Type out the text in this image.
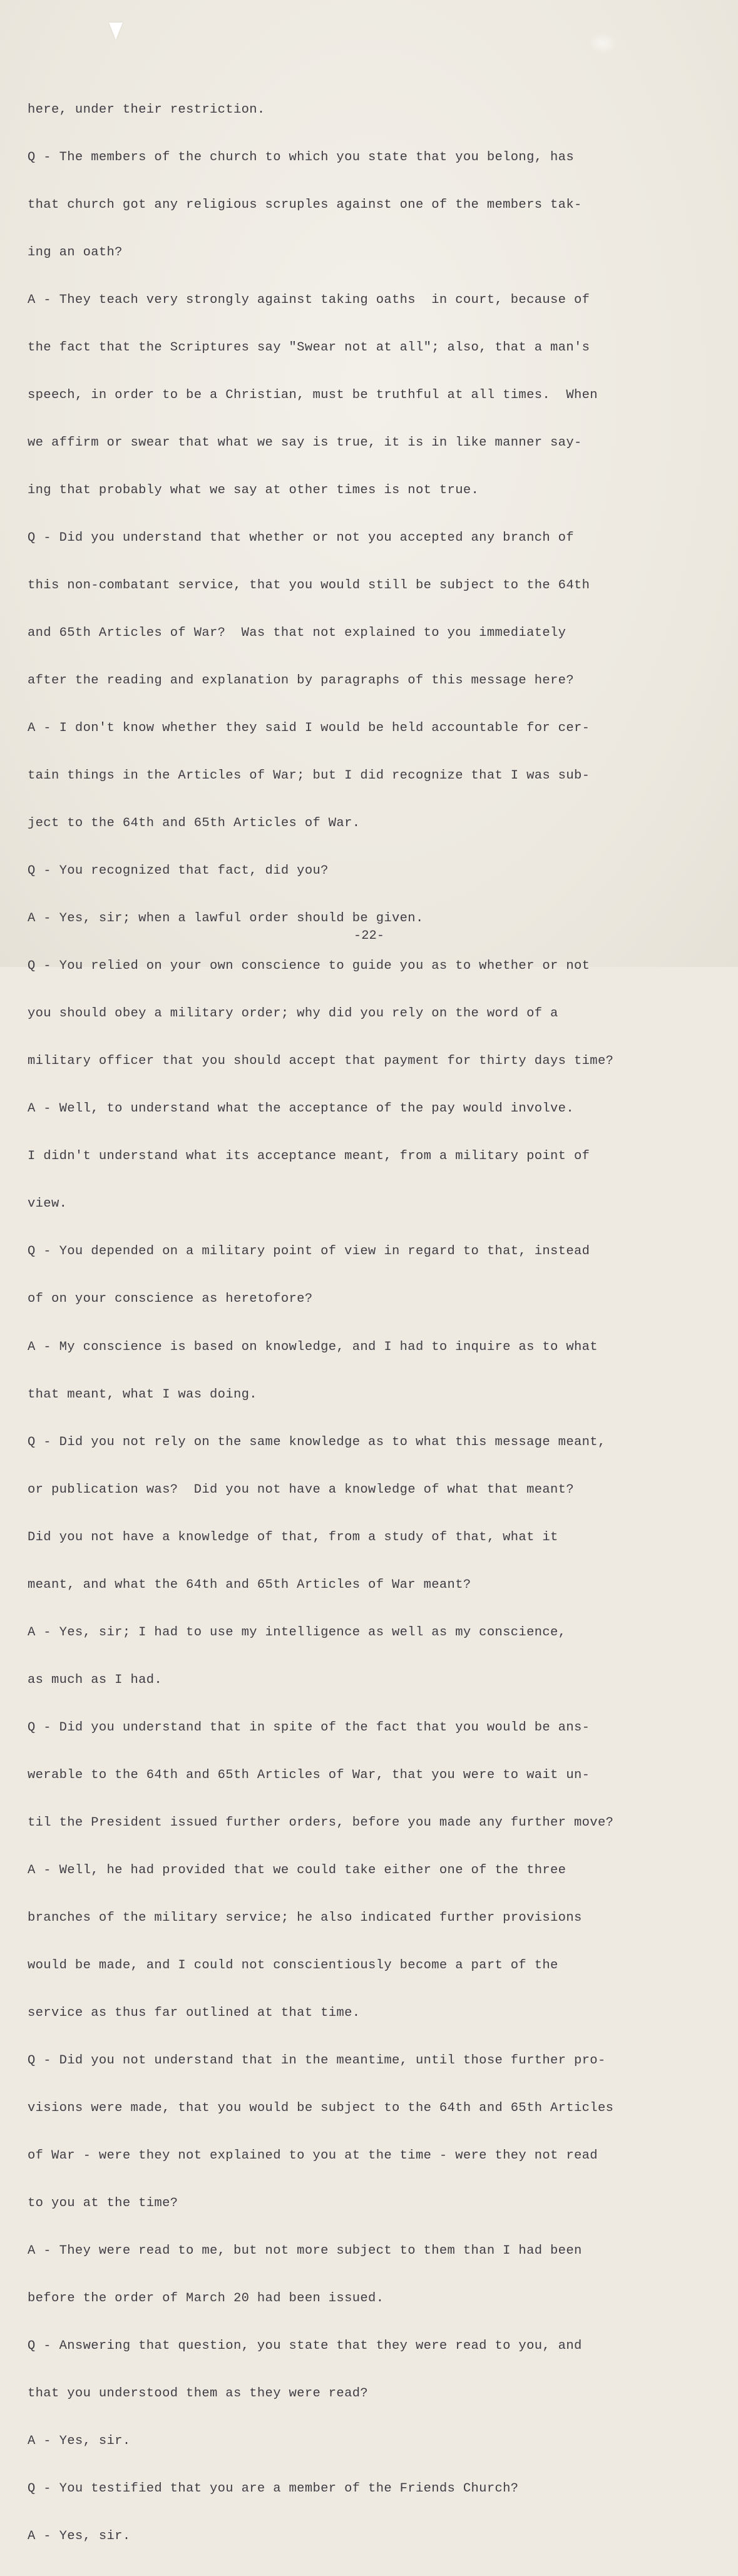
here, under their restriction.

Q - The members of the church to which you state that you belong, has

that church got any religious scruples against one of the members tak-

ing an oath?

A - They teach very strongly against taking oaths  in court, because of

the fact that the Scriptures say "Swear not at all"; also, that a man's

speech, in order to be a Christian, must be truthful at all times.  When

we affirm or swear that what we say is true, it is in like manner say-

ing that probably what we say at other times is not true.

Q - Did you understand that whether or not you accepted any branch of

this non-combatant service, that you would still be subject to the 64th

and 65th Articles of War?  Was that not explained to you immediately

after the reading and explanation by paragraphs of this message here?

A - I don't know whether they said I would be held accountable for cer-

tain things in the Articles of War; but I did recognize that I was sub-

ject to the 64th and 65th Articles of War.

Q - You recognized that fact, did you?

A - Yes, sir; when a lawful order should be given.

Q - You relied on your own conscience to guide you as to whether or not

you should obey a military order; why did you rely on the word of a

military officer that you should accept that payment for thirty days time?

A - Well, to understand what the acceptance of the pay would involve.

I didn't understand what its acceptance meant, from a military point of

view.

Q - You depended on a military point of view in regard to that, instead

of on your conscience as heretofore?

A - My conscience is based on knowledge, and I had to inquire as to what

that meant, what I was doing.

Q - Did you not rely on the same knowledge as to what this message meant,

or publication was?  Did you not have a knowledge of what that meant?

Did you not have a knowledge of that, from a study of that, what it

meant, and what the 64th and 65th Articles of War meant?

A - Yes, sir; I had to use my intelligence as well as my conscience,

as much as I had.

Q - Did you understand that in spite of the fact that you would be ans-

werable to the 64th and 65th Articles of War, that you were to wait un-

til the President issued further orders, before you made any further move?

A - Well, he had provided that we could take either one of the three

branches of the military service; he also indicated further provisions

would be made, and I could not conscientiously become a part of the

service as thus far outlined at that time.

Q - Did you not understand that in the meantime, until those further pro-

visions were made, that you would be subject to the 64th and 65th Articles

of War - were they not explained to you at the time - were they not read

to you at the time?

A - They were read to me, but not more subject to them than I had been

before the order of March 20 had been issued.

Q - Answering that question, you state that they were read to you, and

that you understood them as they were read?

A - Yes, sir.

Q - You testified that you are a member of the Friends Church?

A - Yes, sir.

-22-
